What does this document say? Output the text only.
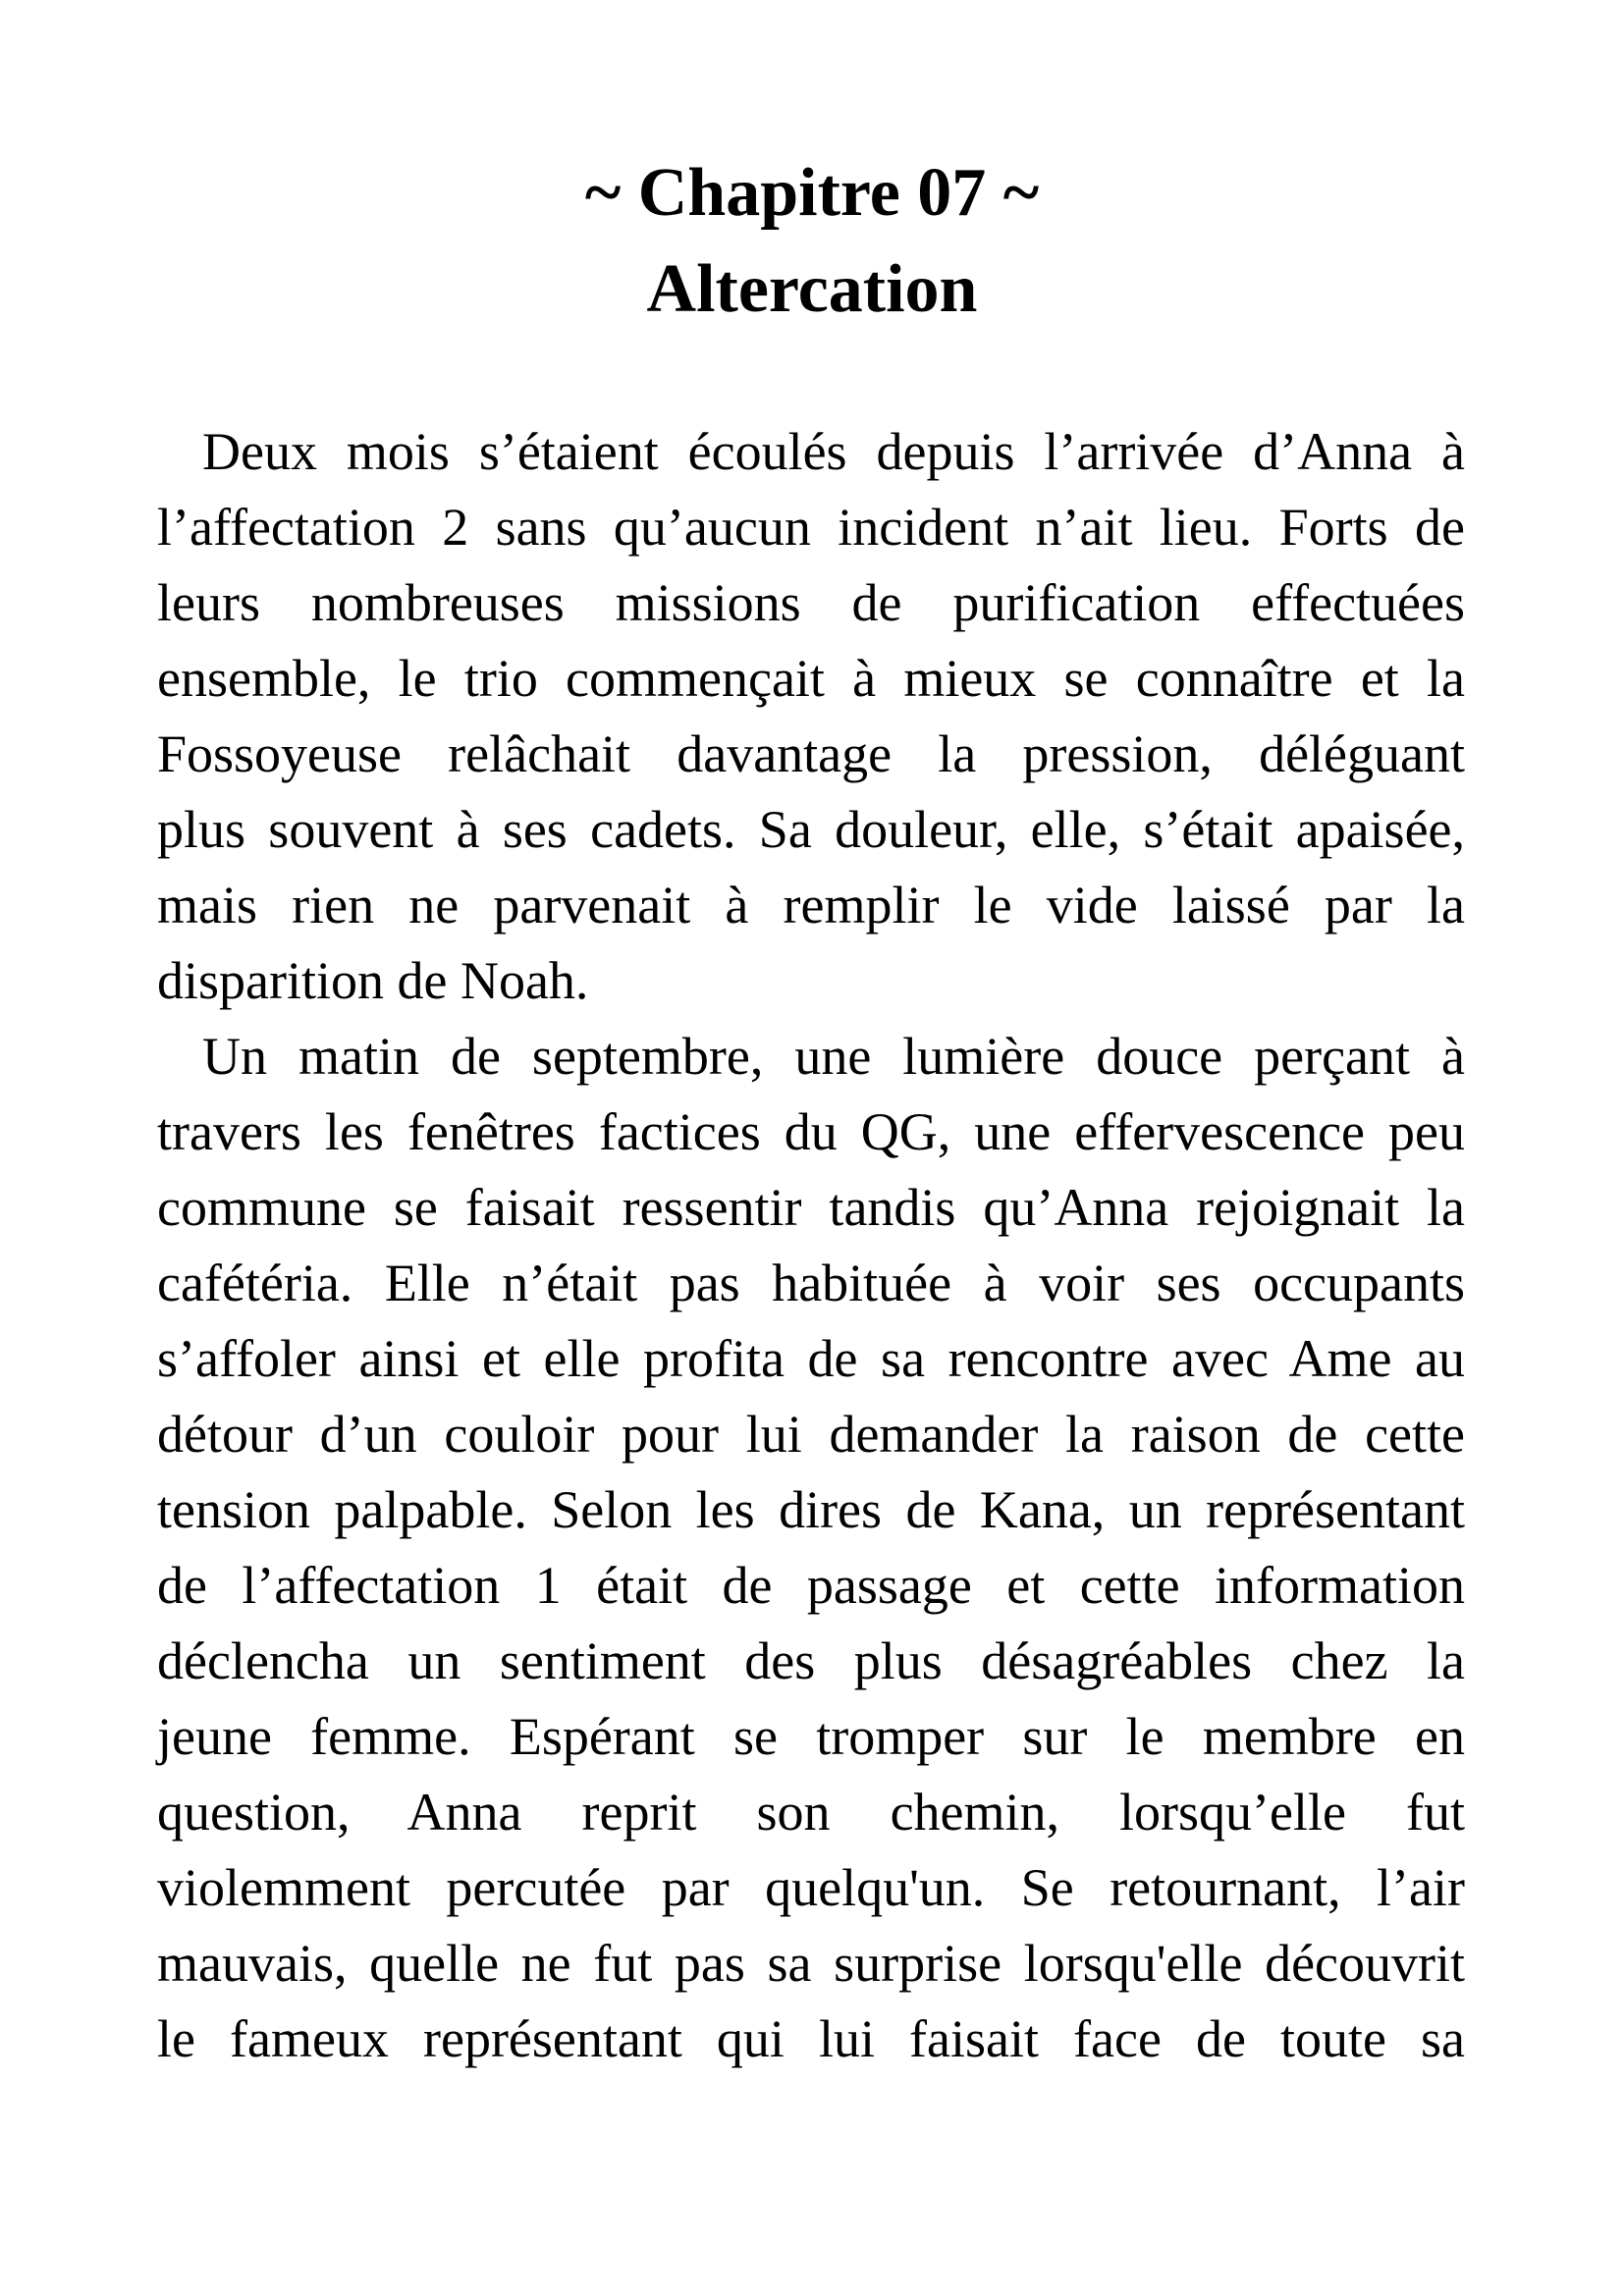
~ Chapitre 07 ~
Altercation
Deux mois s’étaient écoulés depuis l’arrivée d’Anna à
l’affectation 2 sans qu’aucun incident n’ait lieu. Forts de
leurs nombreuses missions de purification effectuées
ensemble, le trio commençait à mieux se connaître et la
Fossoyeuse relâchait davantage la pression, déléguant
plus souvent à ses cadets. Sa douleur, elle, s’était apaisée,
mais rien ne parvenait à remplir le vide laissé par la
disparition de Noah.
Un matin de septembre, une lumière douce perçant à
travers les fenêtres factices du QG, une effervescence peu
commune se faisait ressentir tandis qu’Anna rejoignait la
cafétéria. Elle n’était pas habituée à voir ses occupants
s’affoler ainsi et elle profita de sa rencontre avec Ame au
détour d’un couloir pour lui demander la raison de cette
tension palpable. Selon les dires de Kana, un représentant
de l’affectation 1 était de passage et cette information
déclencha un sentiment des plus désagréables chez la
jeune femme. Espérant se tromper sur le membre en
question, Anna reprit son chemin, lorsqu’elle fut
violemment percutée par quelqu'un. Se retournant, l’air
mauvais, quelle ne fut pas sa surprise lorsqu'elle découvrit
le fameux représentant qui lui faisait face de toute sa
